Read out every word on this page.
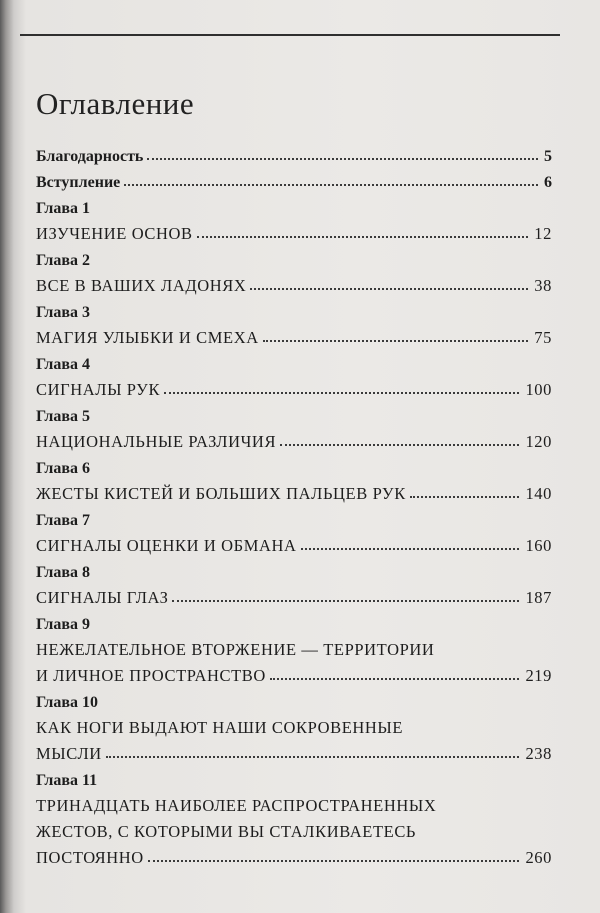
Оглавление
Благодарность	5
Вступление	6
Глава 1
ИЗУЧЕНИЕ ОСНОВ	12
Глава 2
ВСЕ В ВАШИХ ЛАДОНЯХ	38
Глава 3
МАГИЯ УЛЫБКИ И СМЕХА	75
Глава 4
СИГНАЛЫ РУК	100
Глава 5
НАЦИОНАЛЬНЫЕ РАЗЛИЧИЯ	120
Глава 6
ЖЕСТЫ КИСТЕЙ И БОЛЬШИХ ПАЛЬЦЕВ РУК	140
Глава 7
СИГНАЛЫ ОЦЕНКИ И ОБМАНА	160
Глава 8
СИГНАЛЫ ГЛАЗ	187
Глава 9
НЕЖЕЛАТЕЛЬНОЕ ВТОРЖЕНИЕ — ТЕРРИТОРИИ
И ЛИЧНОЕ ПРОСТРАНСТВО	219
Глава 10
КАК НОГИ ВЫДАЮТ НАШИ СОКРОВЕННЫЕ
МЫСЛИ	238
Глава 11
ТРИНАДЦАТЬ НАИБОЛЕЕ РАСПРОСТРАНЕННЫХ
ЖЕСТОВ, С КОТОРЫМИ ВЫ СТАЛКИВАЕТЕСЬ
ПОСТОЯННО	260
